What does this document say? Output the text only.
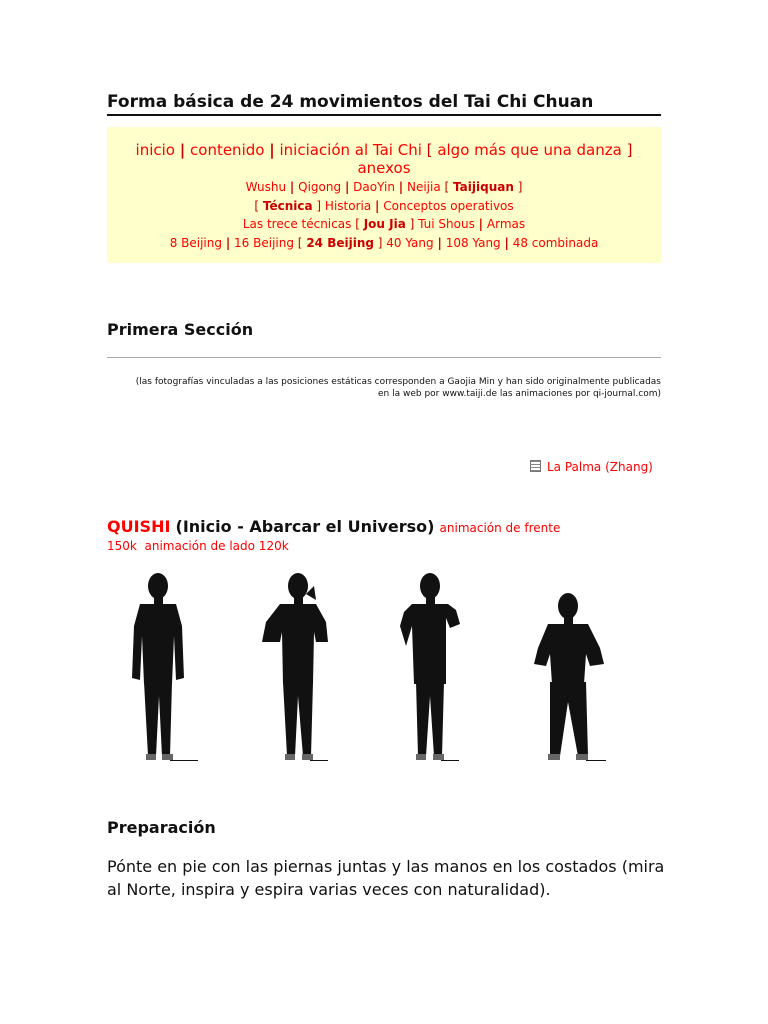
Forma básica de 24 movimientos del Tai Chi Chuan
inicio | contenido | iniciación al Tai Chi [ algo más que una danza ] anexos
Wushu | Qigong | DaoYin | Neijia [ Taijiquan ]
[ Técnica ] Historia | Conceptos operativos
Las trece técnicas [ Jou Jia ] Tui Shous | Armas
8 Beijing | 16 Beijing [ 24 Beijing ] 40 Yang | 108 Yang | 48 combinada
Primera Sección
(las fotografías vinculadas a las posiciones estáticas corresponden a Gaojia Min y han sido originalmente publicadas
en la web por www.taiji.de las animaciones por qi-journal.com)
La Palma (Zhang)
QUISHI (Inicio - Abarcar el Universo) animación de frente
150k animación de lado 120k
Preparación
Pónte en pie con las piernas juntas y las manos en los costados (mira al Norte, inspira y espira varias veces con naturalidad).
